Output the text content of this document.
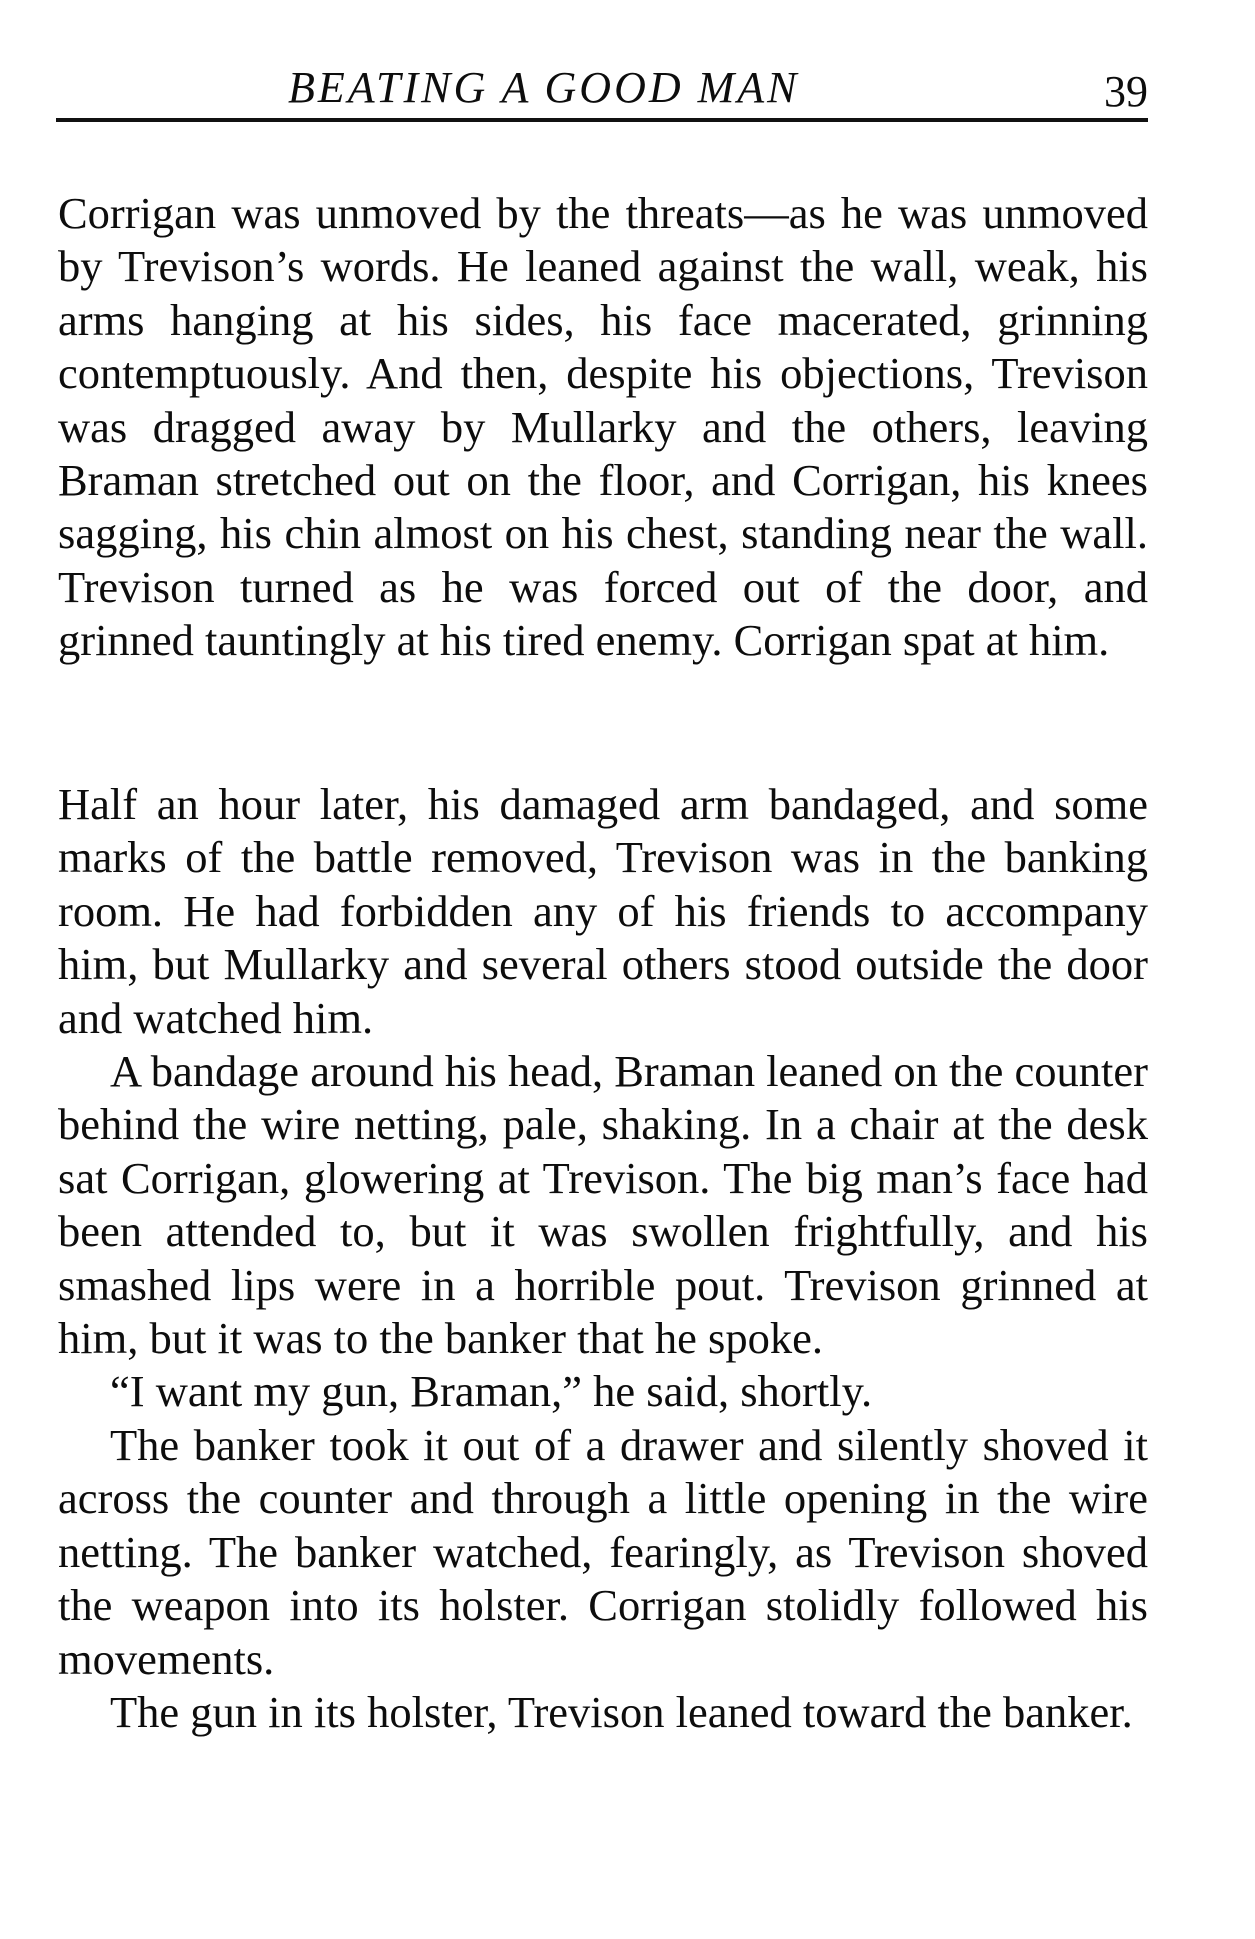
BEATING A GOOD MAN	39

Corrigan was unmoved by the threats—as he was unmoved by Trevison’s words. He leaned against the wall, weak, his arms hanging at his sides, his face macerated, grinning contemptuously. And then, despite his objections, Trevison was dragged away by Mullarky and the others, leaving Braman stretched out on the floor, and Corrigan, his knees sagging, his chin almost on his chest, standing near the wall. Trevison turned as he was forced out of the door, and grinned tauntingly at his tired enemy. Corrigan spat at him.

Half an hour later, his damaged arm bandaged, and some marks of the battle removed, Trevison was in the banking room. He had forbidden any of his friends to accompany him, but Mullarky and several others stood outside the door and watched him.

A bandage around his head, Braman leaned on the counter behind the wire netting, pale, shaking. In a chair at the desk sat Corrigan, glowering at Trevison. The big man’s face had been attended to, but it was swollen frightfully, and his smashed lips were in a horrible pout. Trevison grinned at him, but it was to the banker that he spoke.

“I want my gun, Braman,” he said, shortly.

The banker took it out of a drawer and silently shoved it across the counter and through a little opening in the wire netting. The banker watched, fearingly, as Trevison shoved the weapon into its holster. Corrigan stolidly followed his movements.

The gun in its holster, Trevison leaned toward the banker.
